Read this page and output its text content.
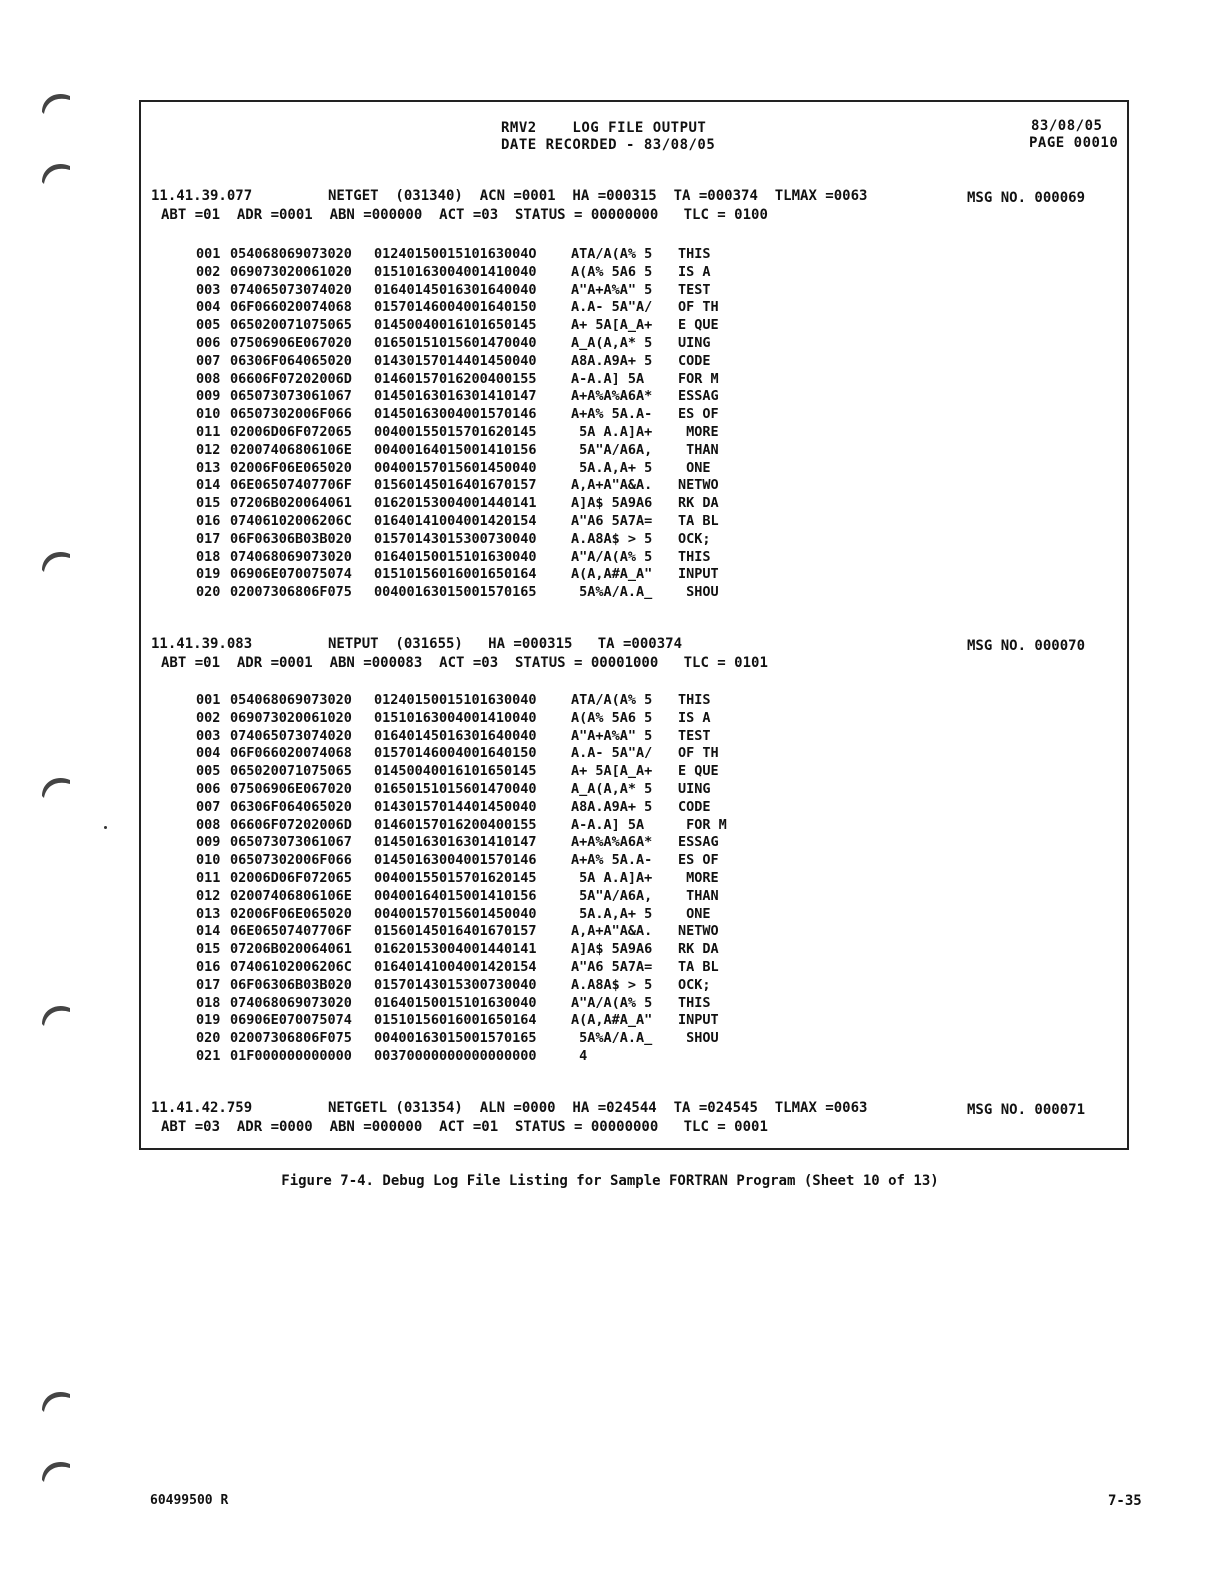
RMV2    LOG FILE OUTPUT
DATE RECORDED - 83/08/05
83/08/05
PAGE 00010
11.41.39.077         NETGET  (031340)  ACN =0001  HA =000315  TA =000374  TLMAX =0063
ABT =01  ADR =0001  ABN =000000  ACT =03  STATUS = 00000000   TLC = 0100
MSG NO. 000069
001 054068069073020 0124015001510163004O	ATA/A(A% 5 THIS
002 069073020061020 01510163004001410040	A(A% 5A6 5 IS A
003 074065073074020 01640145016301640040	A"A+A%A" 5 TEST
004 06F066020074068 01570146004001640150	A.A- 5A"A/ OF TH
005 065020071075065 01450040016101650145	A+ 5A[A_A+ E QUE
006 07506906E067020 01650151015601470040	A_A(A,A* 5 UING
007 06306F064065020 01430157014401450040	A8A.A9A+ 5 CODE
008 06606F07202006D 01460157016200400155	A-A.A] 5A	FOR M
009 065073073061067 01450163016301410147	A+A%A%A6A* ESSAG
010 06507302006F066 01450163004001570146	A+A% 5A.A- ES OF
011 02006D06F072065 00400155015701620145	5A A.A]A+ MORE
012 02007406806106E 00400164015001410156	5A"A/A6A, THAN
013 02006F06E065020 00400157015601450040	5A.A,A+ 5 ONE
014 06E06507407706F 01560145016401670157	A,A+A"A&A. NETWO
015 07206B020064061 01620153004001440141	A]A$ 5A9A6 RK DA
016 07406102006206C 01640141004001420154	A"A6 5A7A= TA BL
017 06F06306B03B020 01570143015300730040	A.A8A$ > 5 OCK;
018 074068069073020 01640150015101630040	A"A/A(A% 5 THIS
019 06906E070075074 01510156016001650164	A(A,A#A_A" INPUT
020 02007306806F075 00400163015001570165	5A%A/A.A_ SHOU
11.41.39.083         NETPUT  (031655)   HA =000315   TA =000374
ABT =01  ADR =0001  ABN =000083  ACT =03  STATUS = 00001000   TLC = 0101
MSG NO. 000070
001 054068069073020 01240150015101630040	ATA/A(A% 5 THIS
002 069073020061020 01510163004001410040	A(A% 5A6 5 IS A
003 074065073074020 01640145016301640040	A"A+A%A" 5 TEST
004 06F066020074068 01570146004001640150	A.A- 5A"A/ OF TH
005 065020071075065 01450040016101650145	A+ 5A[A_A+ E QUE
006 07506906E067020 01650151015601470040	A_A(A,A* 5 UING
007 06306F064065020 01430157014401450040	A8A.A9A+ 5 CODE
008 06606F07202006D 01460157016200400155	A-A.A] 5A	FOR M
009 065073073061067 01450163016301410147	A+A%A%A6A* ESSAG
010 06507302006F066 01450163004001570146	A+A% 5A.A- ES OF
011 02006D06F072065 00400155015701620145	5A A.A]A+ MORE
012 02007406806106E 00400164015001410156	5A"A/A6A, THAN
013 02006F06E065020 00400157015601450040	5A.A,A+ 5 ONE
014 06E06507407706F 01560145016401670157	A,A+A"A&A. NETWO
015 07206B020064061 01620153004001440141	A]A$ 5A9A6 RK DA
016 07406102006206C 01640141004001420154	A"A6 5A7A= TA BL
017 06F06306B03B020 01570143015300730040	A.A8A$ > 5 OCK;
018 074068069073020 01640150015101630040	A"A/A(A% 5 THIS
019 06906E070075074 01510156016001650164	A(A,A#A_A" INPUT
020 02007306806F075 00400163015001570165	5A%A/A.A_ SHOU
021 01F000000000000 00370000000000000000	4
11.41.42.759         NETGETL (031354)  ALN =0000  HA =024544  TA =024545  TLMAX =0063
ABT =03  ADR =0000  ABN =000000  ACT =01  STATUS = 00000000   TLC = 0001
MSG NO. 000071
Figure 7-4. Debug Log File Listing for Sample FORTRAN Program (Sheet 10 of 13)
60499500 R	7-35
